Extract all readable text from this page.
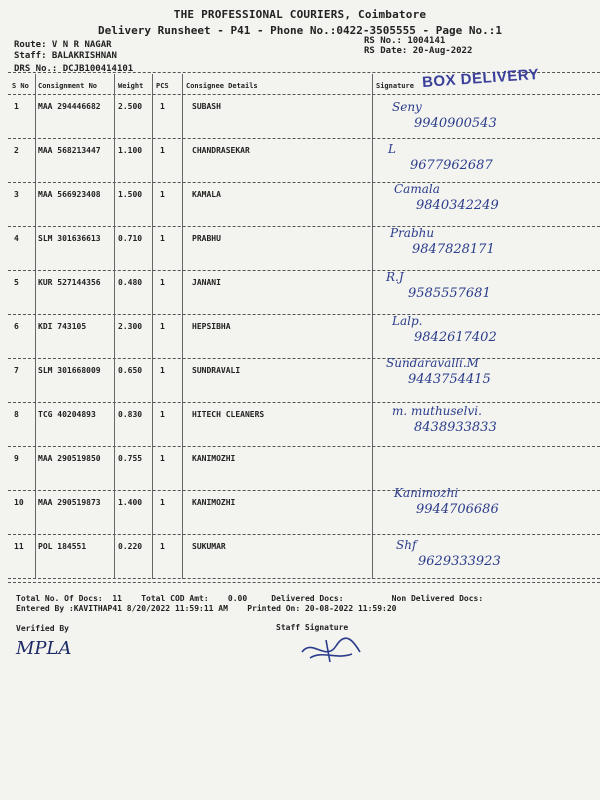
THE PROFESSIONAL COURIERS, Coimbatore
Delivery Runsheet - P41 - Phone No.:0422-3505555 - Page No.:1
Route: V N R NAGAR
Staff: BALAKRISHNAN
DRS No.: DCJB100414101
RS No.: 1004141
RS Date: 20-Aug-2022
S No Consignment No	Weight PCS Consignee Details	Signature BOX DELIVERY
1 MAA 294446682 2.500 1	SUBASH	Seny
9940900543
2 MAA 568213447 1.100 1	CHANDRASEKAR	L
9677962687
3 MAA 566923408 1.500 1	KAMALA	Camala
9840342249
4 SLM 301636613 0.710 1	PRABHU	Prabhu
9847828171
5 KUR 527144356 0.480 1	JANANI	R.J
9585557681
6 KDI 743105	2.300 1	HEPSIBHA	Lalp.
9842617402
7 SLM 301668009 0.650 1	SUNDRAVALI
Sundaravalli.M
9443754415
8 TCG 40204893	0.830 1	HITECH CLEANERS	m. muthuselvi.
8438933833
9 MAA 290519850 0.755 1	KANIMOZHI
10 MAA 290519873 1.400 1	KANIMOZHI
Kanimozhi
9944706686
11 POL 184551	0.220 1	SUKUMAR	Shf
9629333923
Total No. Of Docs:  11    Total COD Amt:    0.00     Delivered Docs:          Non Delivered Docs:
Entered By :KAVITHAP41 8/20/2022 11:59:11 AM    Printed On: 20-08-2022 11:59:20
Verified By	Staff Signature
MPLA
